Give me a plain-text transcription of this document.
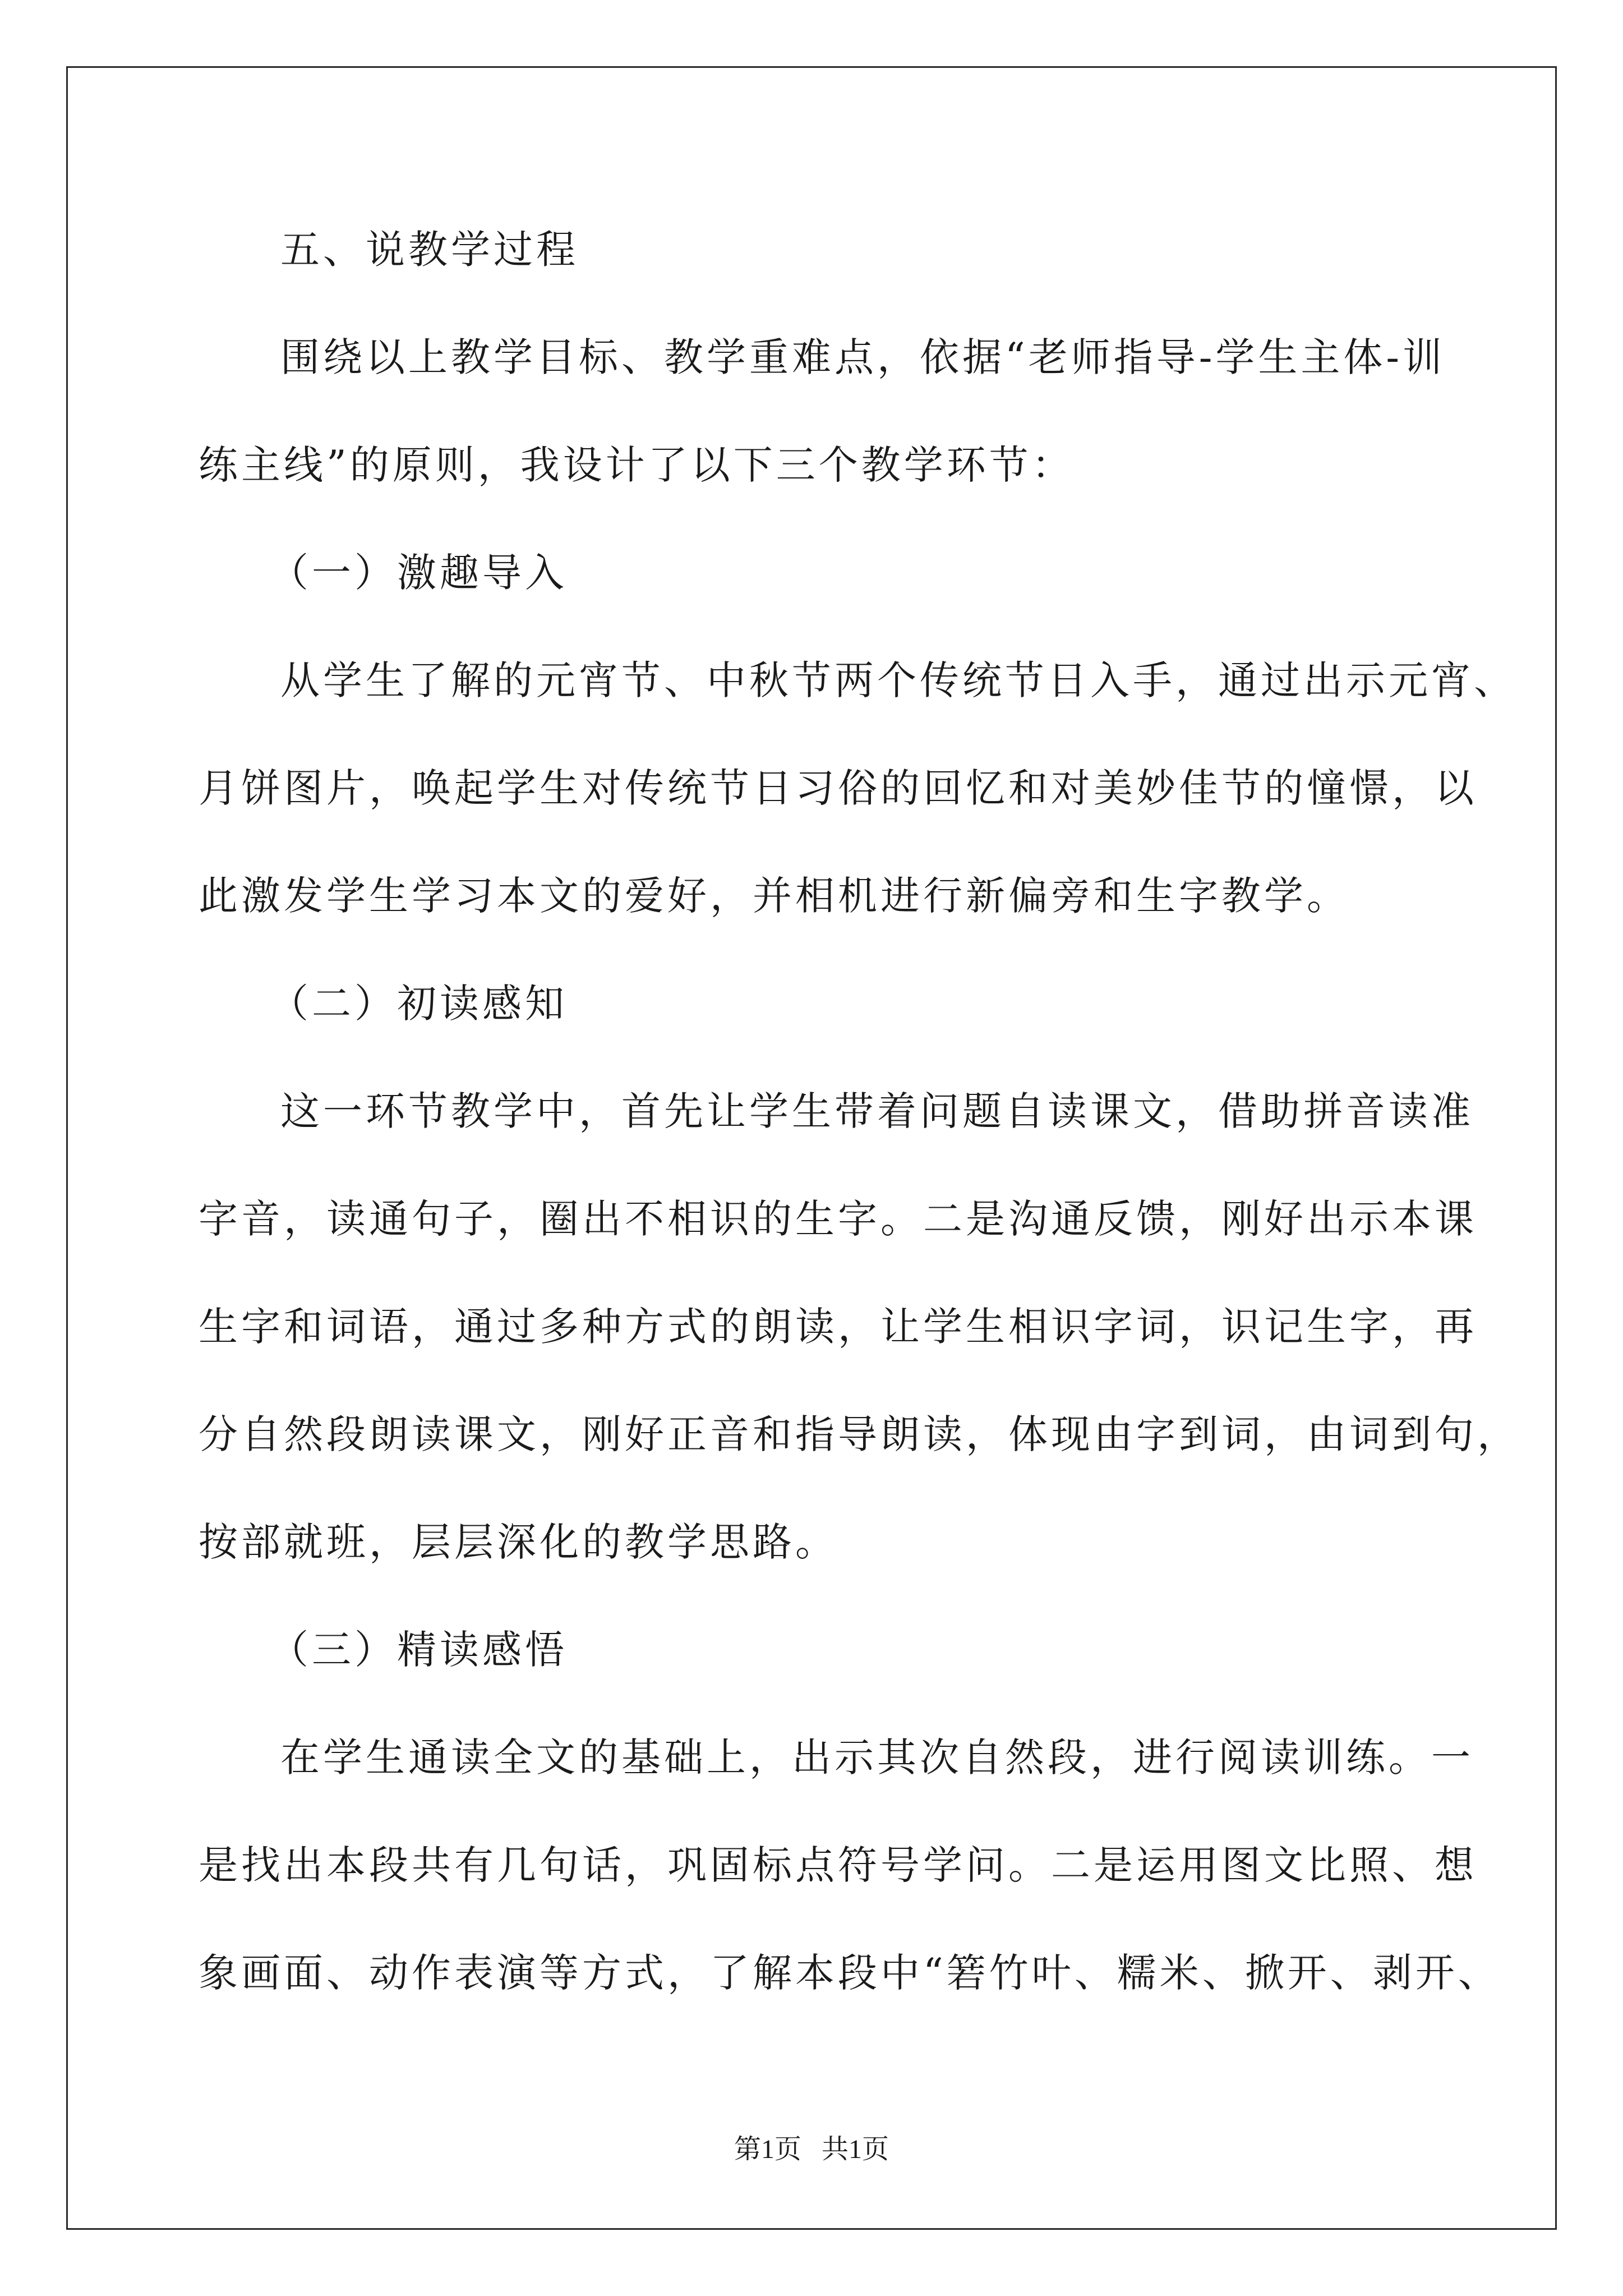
五、说教学过程

围绕以上教学目标、教学重难点，依据“老师指导-学生主体-训

练主线”的原则，我设计了以下三个教学环节：

（一）激趣导入

从学生了解的元宵节、中秋节两个传统节日入手，通过出示元宵、

月饼图片，唤起学生对传统节日习俗的回忆和对美妙佳节的憧憬，以

此激发学生学习本文的爱好，并相机进行新偏旁和生字教学。

（二）初读感知

这一环节教学中，首先让学生带着问题自读课文，借助拼音读准

字音，读通句子，圈出不相识的生字。二是沟通反馈，刚好出示本课

生字和词语，通过多种方式的朗读，让学生相识字词，识记生字，再

分自然段朗读课文，刚好正音和指导朗读，体现由字到词，由词到句，

按部就班，层层深化的教学思路。

（三）精读感悟

在学生通读全文的基础上，出示其次自然段，进行阅读训练。一

是找出本段共有几句话，巩固标点符号学问。二是运用图文比照、想

象画面、动作表演等方式，了解本段中“箬竹叶、糯米、掀开、剥开、

第1页   共1页
